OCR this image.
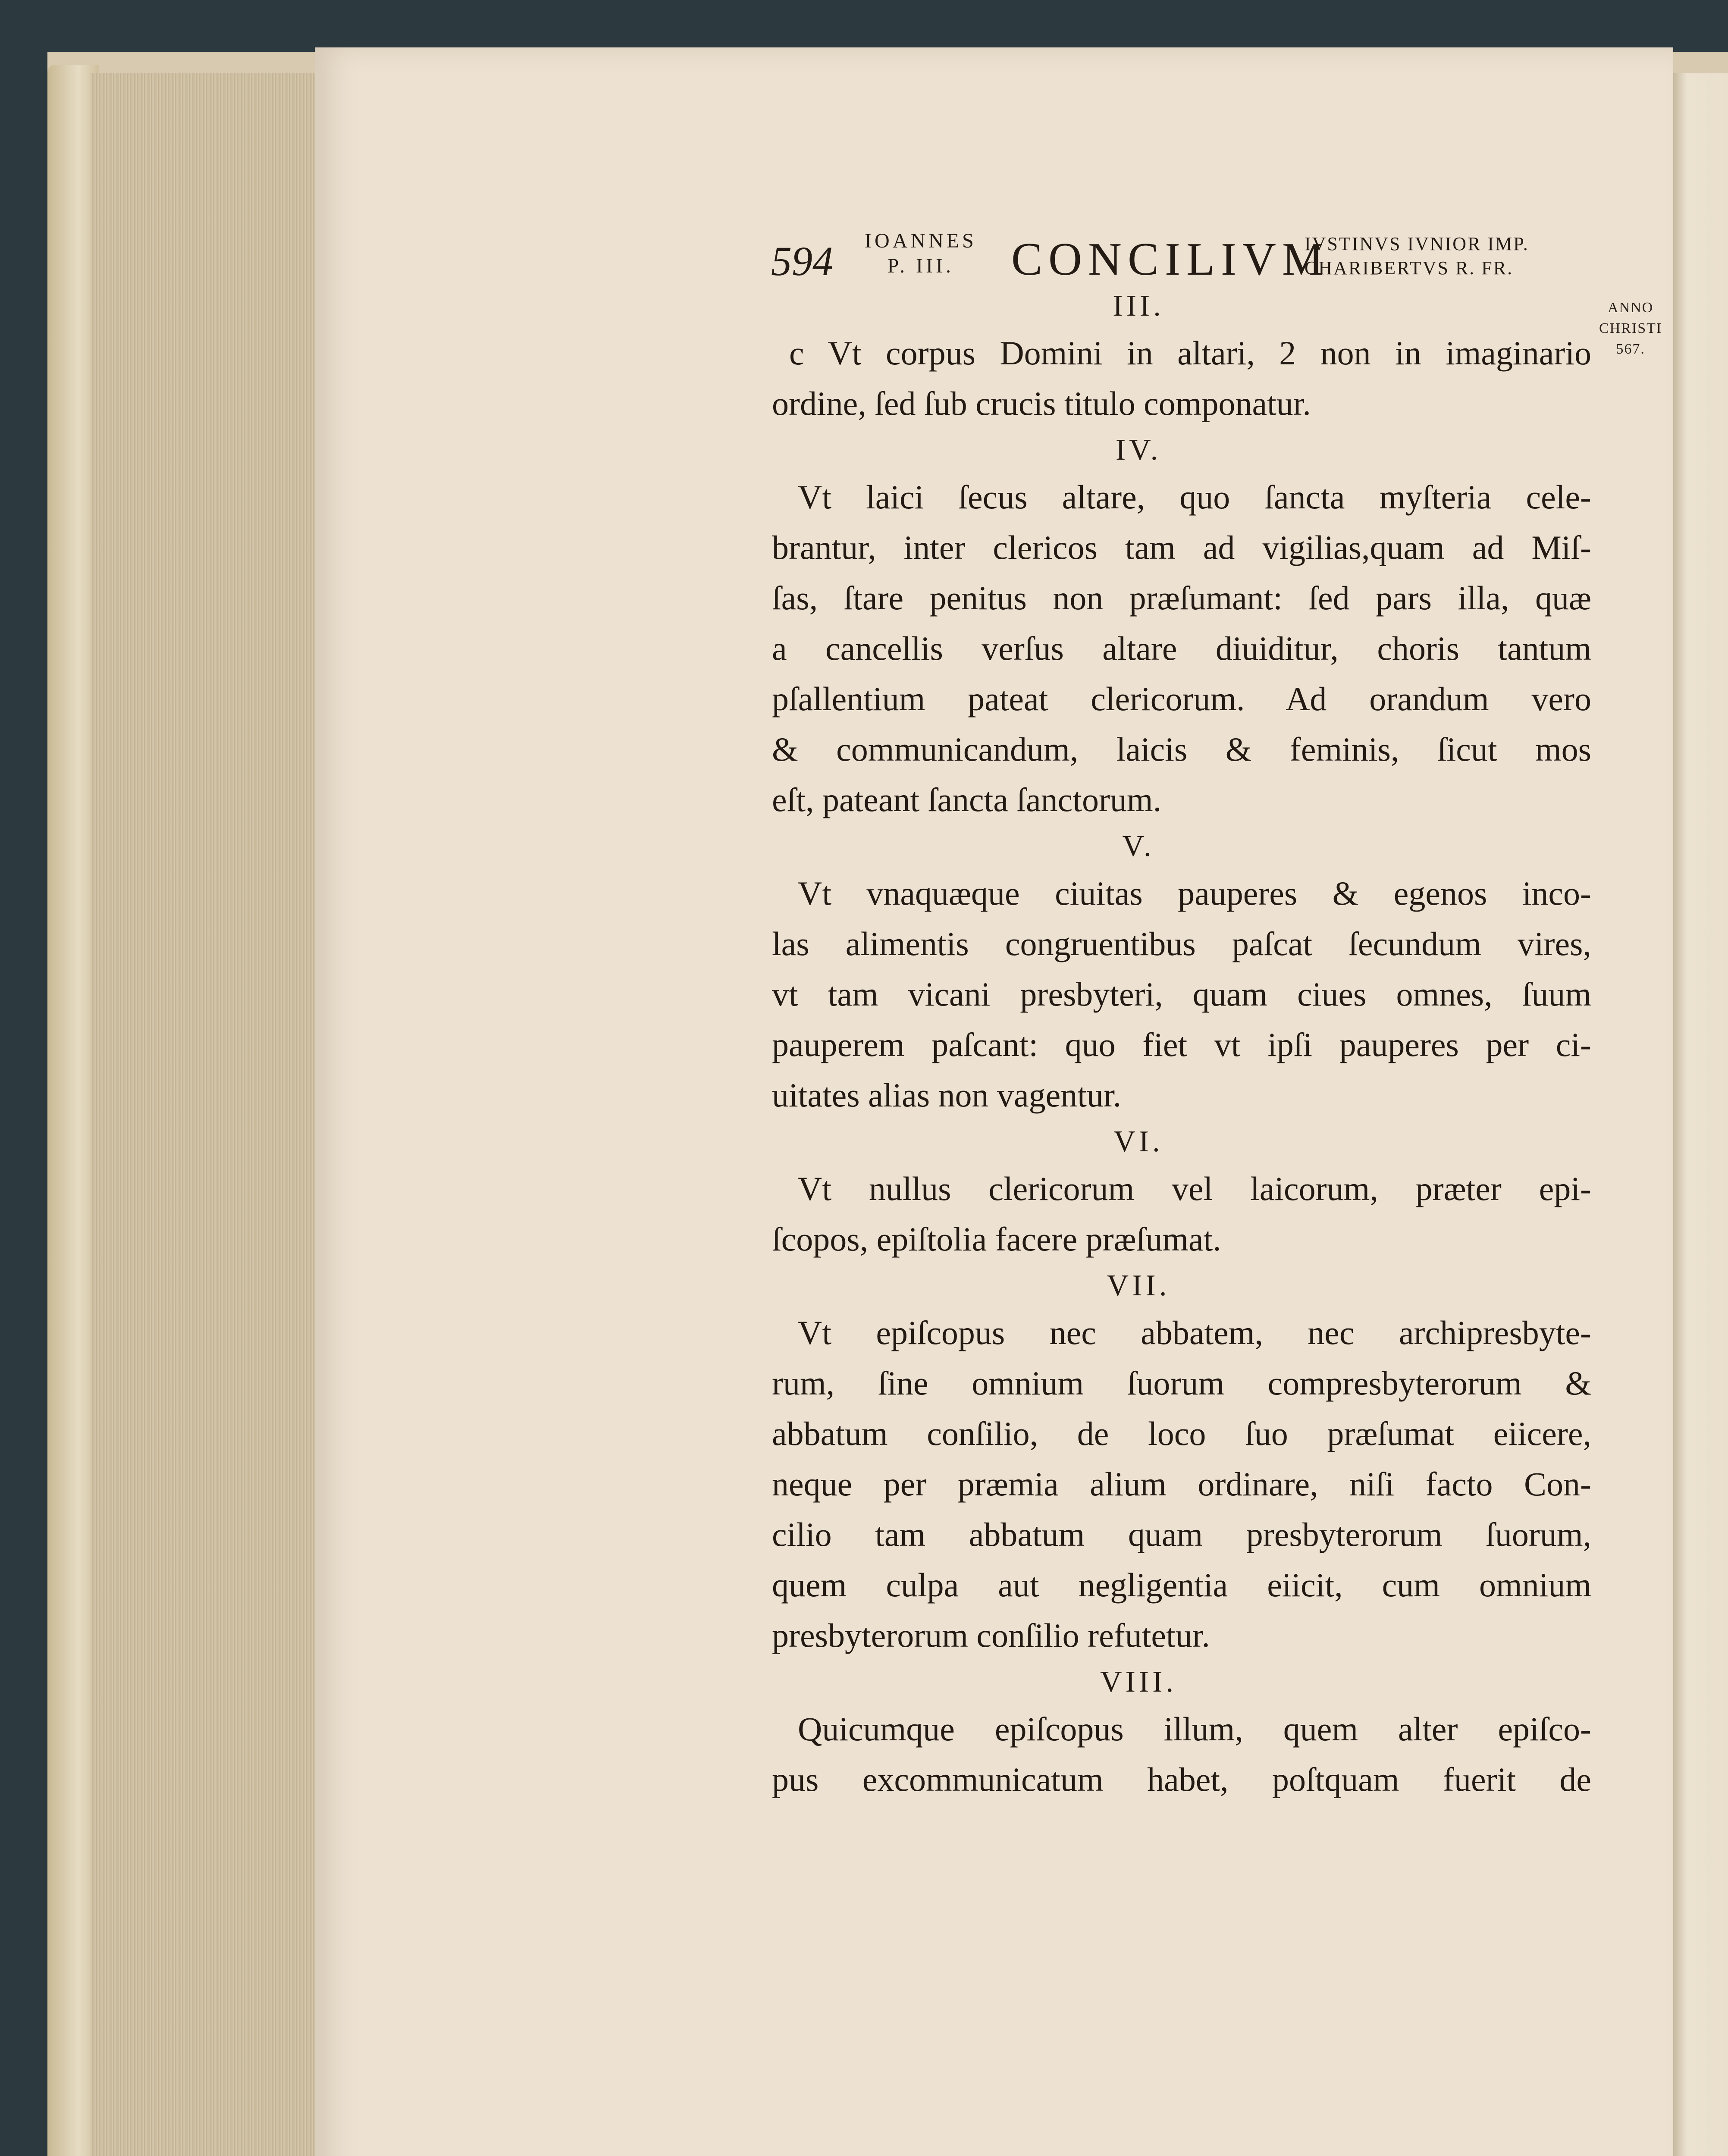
594 IOANNES
P. III.	CONCILIVM
IVSTINVS IVNIOR IMP.
CHARIBERTVS R. FR.
ANNO
CHRISTI
567.
III.
c Vt corpus Domini in altari, 2 non in imaginario
ordine, ſed ſub crucis titulo componatur.
IV.
Vt laici ſecus altare, quo ſancta myſteria cele-
brantur, inter clericos tam ad vigilias,quam ad Miſ-
ſas, ſtare penitus non præſumant: ſed pars illa, quæ
a cancellis verſus altare diuiditur, choris tantum
pſallentium pateat clericorum. Ad orandum vero
& communicandum, laicis & feminis, ſicut mos
eſt, pateant ſancta ſanctorum.
V.
Vt vnaquæque ciuitas pauperes & egenos inco-
las alimentis congruentibus paſcat ſecundum vires,
vt tam vicani presbyteri, quam ciues omnes, ſuum
pauperem paſcant: quo fiet vt ipſi pauperes per ci-
uitates alias non vagentur.
VI.
Vt nullus clericorum vel laicorum, præter epi-
ſcopos, epiſtolia facere præſumat.
VII.
Vt epiſcopus nec abbatem, nec archipresbyte-
rum, ſine omnium ſuorum compresbyterorum &
abbatum conſilio, de loco ſuo præſumat eiicere,
neque per præmia alium ordinare, niſi facto Con-
cilio tam abbatum quam presbyterorum ſuorum,
quem culpa aut negligentia eiicit, cum omnium
presbyterorum conſilio refutetur.
VIII.
Quicumque epiſcopus illum, quem alter epiſco-
pus excommunicatum habet, poſtquam fuerit de
